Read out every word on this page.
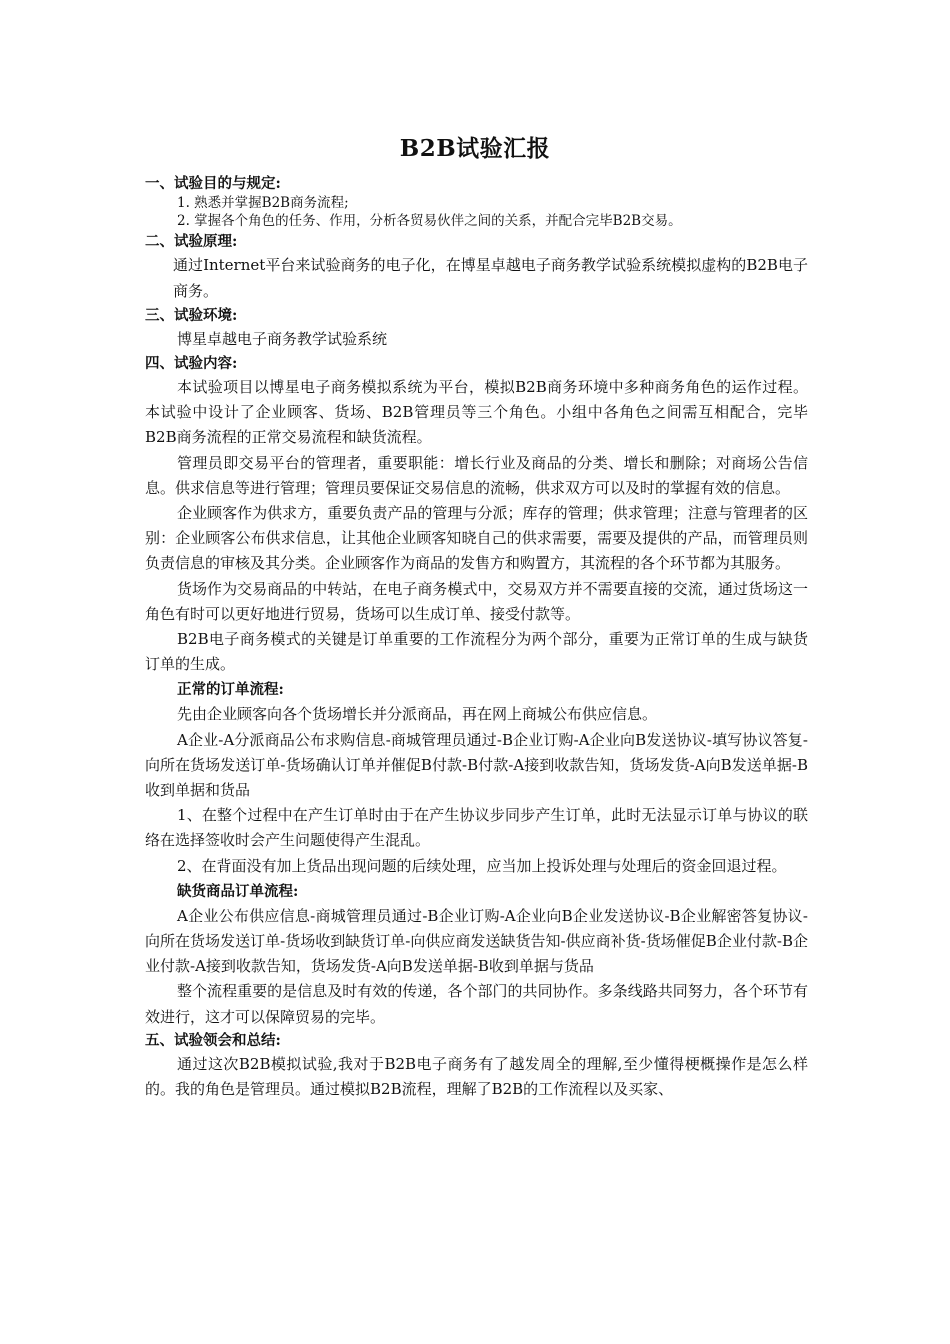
B2B试验汇报
一、试验目的与规定:
1. 熟悉并掌握B2B商务流程;
2. 掌握各个角色的任务、作用，分析各贸易伙伴之间的关系，并配合完毕B2B交易。
二、试验原理:
通过Internet平台来试验商务的电子化，在博星卓越电子商务教学试验系统模拟虚构的B2B电子商务。
三、试验环境:
博星卓越电子商务教学试验系统
四、试验内容:

本试验项目以博星电子商务模拟系统为平台，模拟B2B商务环境中多种商务角色的运作过程。本试验中设计了企业顾客、货场、B2B管理员等三个角色。小组中各角色之间需互相配合，完毕B2B商务流程的正常交易流程和缺货流程。

管理员即交易平台的管理者，重要职能：增长行业及商品的分类、增长和删除；对商场公告信息。供求信息等进行管理；管理员要保证交易信息的流畅，供求双方可以及时的掌握有效的信息。

企业顾客作为供求方，重要负责产品的管理与分派；库存的管理；供求管理；注意与管理者的区别：企业顾客公布供求信息，让其他企业顾客知晓自己的供求需要，需要及提供的产品，而管理员则负责信息的审核及其分类。企业顾客作为商品的发售方和购置方，其流程的各个环节都为其服务。

货场作为交易商品的中转站，在电子商务模式中，交易双方并不需要直接的交流，通过货场这一角色有时可以更好地进行贸易，货场可以生成订单、接受付款等。

B2B电子商务模式的关键是订单重要的工作流程分为两个部分，重要为正常订单的生成与缺货订单的生成。

正常的订单流程:

先由企业顾客向各个货场增长并分派商品，再在网上商城公布供应信息。

A企业-A分派商品公布求购信息-商城管理员通过-B企业订购-A企业向B发送协议-填写协议答复-向所在货场发送订单-货场确认订单并催促B付款-B付款-A接到收款告知，货场发货-A向B发送单据-B收到单据和货品

1、在整个过程中在产生订单时由于在产生协议步同步产生订单，此时无法显示订单与协议的联络在选择签收时会产生问题使得产生混乱。

2、在背面没有加上货品出现问题的后续处理，应当加上投诉处理与处理后的资金回退过程。

缺货商品订单流程:

A企业公布供应信息-商城管理员通过-B企业订购-A企业向B企业发送协议-B企业解密答复协议-向所在货场发送订单-货场收到缺货订单-向供应商发送缺货告知-供应商补货-货场催促B企业付款-B企业付款-A接到收款告知，货场发货-A向B发送单据-B收到单据与货品

整个流程重要的是信息及时有效的传递，各个部门的共同协作。多条线路共同努力，各个环节有效进行，这才可以保障贸易的完毕。

五、试验领会和总结:

通过这次B2B模拟试验,我对于B2B电子商务有了越发周全的理解,至少懂得梗概操作是怎么样的。我的角色是管理员。通过模拟B2B流程，理解了B2B的工作流程以及买家、
